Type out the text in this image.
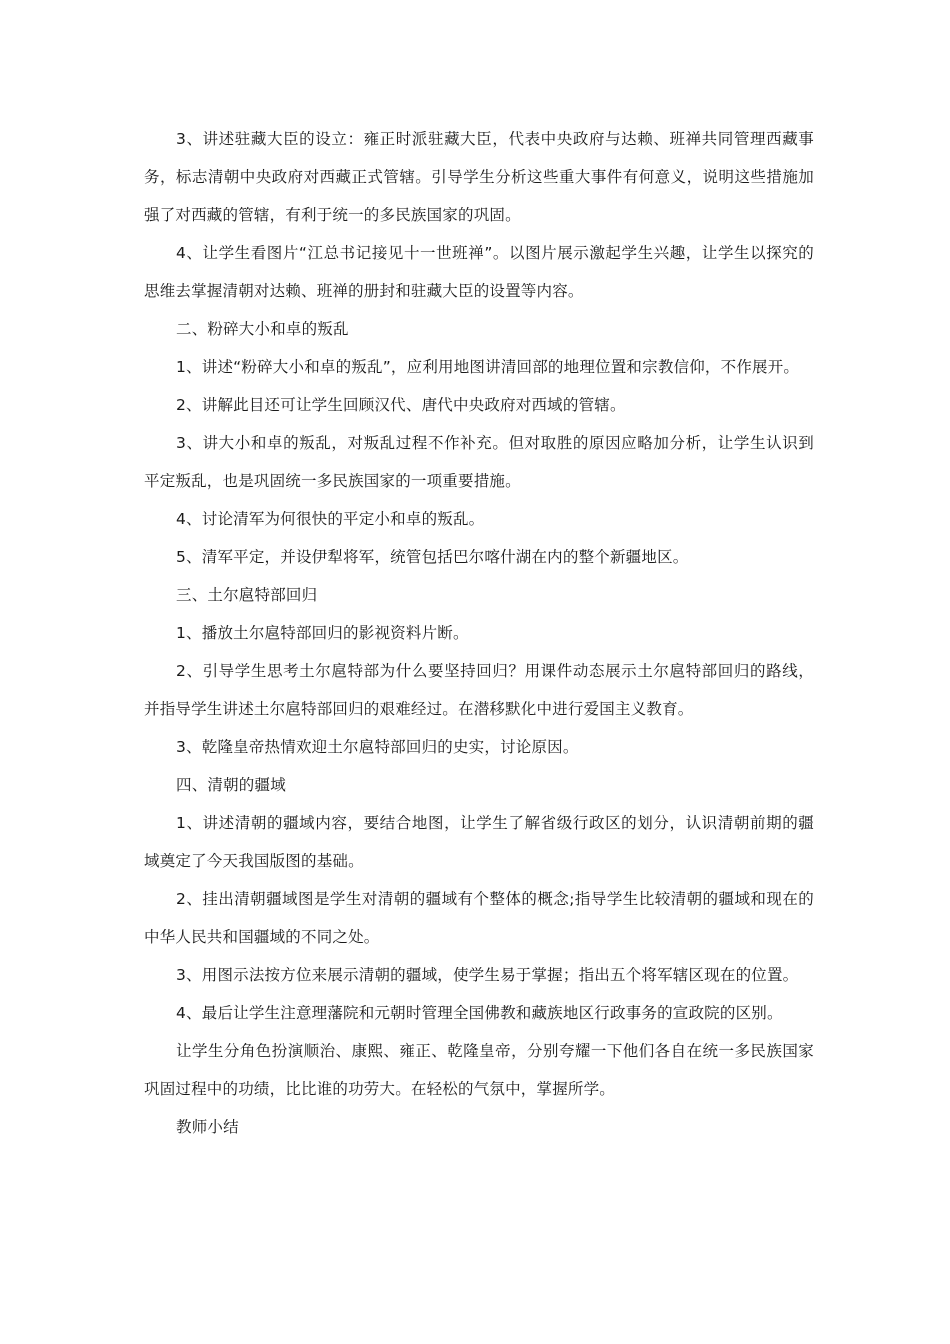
3、讲述驻藏大臣的设立：雍正时派驻藏大臣，代表中央政府与达赖、班禅共同管理西藏事务，标志清朝中央政府对西藏正式管辖。引导学生分析这些重大事件有何意义，说明这些措施加强了对西藏的管辖，有利于统一的多民族国家的巩固。

4、让学生看图片“江总书记接见十一世班禅”。以图片展示激起学生兴趣，让学生以探究的思维去掌握清朝对达赖、班禅的册封和驻藏大臣的设置等内容。

二、粉碎大小和卓的叛乱

1、讲述“粉碎大小和卓的叛乱”，应利用地图讲清回部的地理位置和宗教信仰，不作展开。

2、讲解此目还可让学生回顾汉代、唐代中央政府对西域的管辖。

3、讲大小和卓的叛乱，对叛乱过程不作补充。但对取胜的原因应略加分析，让学生认识到平定叛乱，也是巩固统一多民族国家的一项重要措施。

4、讨论清军为何很快的平定小和卓的叛乱。

5、清军平定，并设伊犁将军，统管包括巴尔喀什湖在内的整个新疆地区。

三、土尔扈特部回归

1、播放土尔扈特部回归的影视资料片断。

2、引导学生思考土尔扈特部为什么要坚持回归？用课件动态展示土尔扈特部回归的路线，并指导学生讲述土尔扈特部回归的艰难经过。在潜移默化中进行爱国主义教育。

3、乾隆皇帝热情欢迎土尔扈特部回归的史实，讨论原因。

四、清朝的疆域

1、讲述清朝的疆域内容，要结合地图，让学生了解省级行政区的划分，认识清朝前期的疆域奠定了今天我国版图的基础。

2、挂出清朝疆域图是学生对清朝的疆域有个整体的概念;指导学生比较清朝的疆域和现在的中华人民共和国疆域的不同之处。

3、用图示法按方位来展示清朝的疆域，使学生易于掌握；指出五个将军辖区现在的位置。

4、最后让学生注意理藩院和元朝时管理全国佛教和藏族地区行政事务的宣政院的区别。

让学生分角色扮演顺治、康熙、雍正、乾隆皇帝，分别夸耀一下他们各自在统一多民族国家巩固过程中的功绩，比比谁的功劳大。在轻松的气氛中，掌握所学。

教师小结
